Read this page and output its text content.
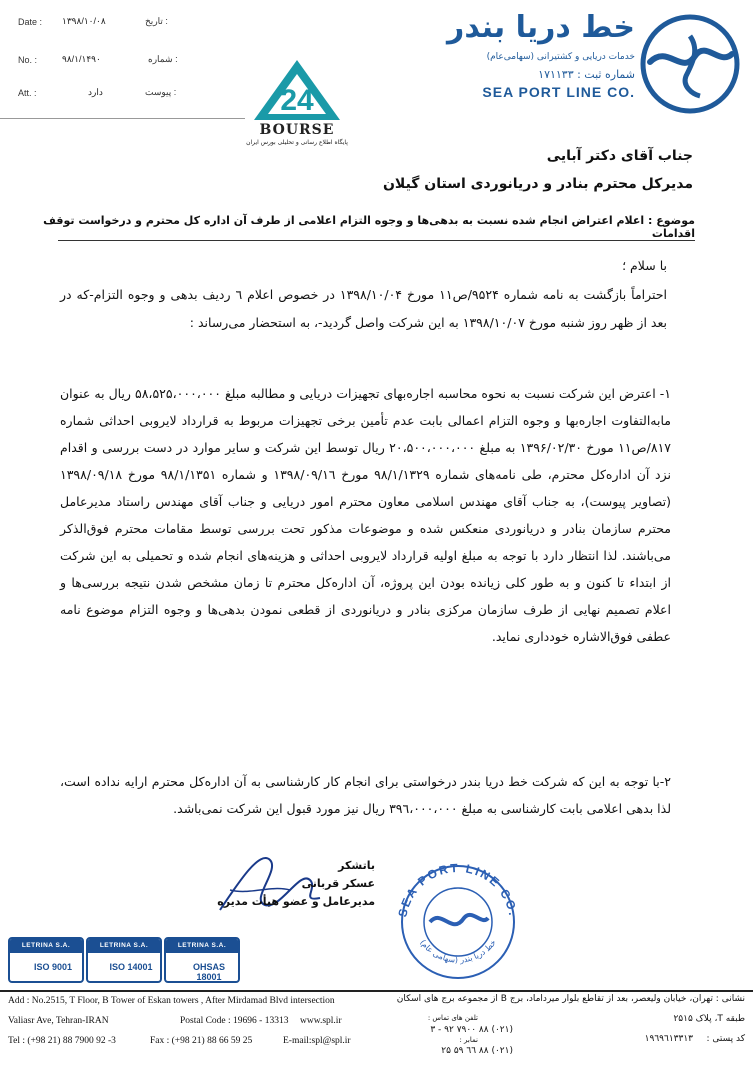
Date : ۱۳۹۸/۱۰/۰۸	تاریخ :
No. :	۹۸/۱/۱۴۹۰	شماره :
Att. :	دارد	پیوست :	24
BOURSE
پایگاه اطلاع رسانی و تحلیلی بورس ایران
خط دریا بندر
خدمات دریایی و کشتیرانی (سهامی‌عام)
شماره ثبت : ۱۷۱۱۳۳
SEA PORT LINE CO.
جناب آقای دکتر آبایی
مدیرکل محترم بنادر و دریانوردی استان گیلان
موضوع : اعلام اعتراض انجام شده نسبت به بدهی‌ها و وجوه التزام اعلامی از طرف آن اداره کل محترم و درخواست توقف اقدامات
با سلام ؛
احتراماً بازگشت به نامه شماره ۹۵۲۴/ص۱۱ مورخ ۱۳۹۸/۱۰/۰۴ در خصوص اعلام ٦ ردیف بدهی و وجوه التزام-که در بعد از ظهر روز شنبه مورخ ۱۳۹۸/۱۰/۰۷ به این شرکت واصل گردید-، به استحضار می‌رساند :
۱- اعترض این شرکت نسبت به نحوه محاسبه اجاره‌بهای تجهیزات دریایی و مطالبه مبلغ ۵۸،۵۲۵،۰۰۰،۰۰۰ ریال به عنوان مابه‌التفاوت اجاره‌بها و وجوه التزام اعمالی بابت عدم تأمین برخی تجهیزات مربوط به قرارداد لایروبی احداثی شماره ۸۱۷/ص۱۱ مورخ ۱۳۹۶/۰۲/۳۰ به مبلغ ۲۰،۵۰۰،۰۰۰،۰۰۰ ریال توسط این شرکت و سایر موارد در دست بررسی و اقدام نزد آن اداره‌کل محترم، طی نامه‌های شماره ۹۸/۱/۱۳۲۹ مورخ ۱۳۹۸/۰۹/۱٦ و شماره ۹۸/۱/۱۳۵۱ مورخ ۱۳۹۸/۰۹/۱۸ (تصاویر پیوست)، به جناب آقای مهندس اسلامی معاون محترم امور دریایی و جناب آقای مهندس راستاد مدیرعامل محترم سازمان بنادر و دریانوردی منعکس شده و موضوعات مذکور تحت بررسی توسط مقامات محترم فوق‌الذکر می‌باشند. لذا انتظار دارد با توجه به مبلغ اولیه قرارداد لایروبی احداثی و هزینه‌های انجام شده و تحمیلی به این شرکت از ابتداء تا کنون و به طور کلی زیانده بودن این پروژه، آن اداره‌کل محترم تا زمان مشخص شدن نتیجه بررسی‌ها و اعلام تصمیم نهایی از طرف سازمان مرکزی بنادر و دریانوردی از قطعی نمودن بدهی‌ها و وجوه التزام موضوع نامه عطفی فوق‌الاشاره خودداری نماید.
۲-با توجه به این که شرکت خط دریا بندر درخواستی برای انجام کار کارشناسی به آن اداره‌کل محترم ارایه نداده است، لذا بدهی اعلامی بابت کارشناسی به مبلغ ۳۹٦،۰۰۰،۰۰۰ ریال نیز مورد قبول این شرکت نمی‌باشد.
باتشکر
عسکر قربانی
مدیرعامل و عضو هیأت مدیره
SEA PORT LINE CO.
خط دریا بندر (سهامی عام)
LETRINA S.A.
ISO 9001
LETRINA S.A.
ISO 14001
LETRINA S.A.
OHSAS 18001
Add : No.2515, T Floor, B Tower of Eskan towers , After Mirdamad Blvd intersection
Valiasr Ave, Tehran-IRAN	Postal Code : 19696 - 13313 www.spl.ir
Tel : (+98 21) 88 7900 92 -3	Fax : (+98 21) 88 66 59 25	E-mail:spl@spl.ir
نشانی : تهران، خیابان ولیعصر، بعد از تقاطع بلوار میرداماد، برج B از مجموعه برج های اسکان
طبقه T، پلاک ۲۵۱۵
تلفن های تماس :
(۰۲۱) ۸۸ ۷۹۰۰ ۹۲ - ۳
کد پستی :
۱۹٦۹٦۱۳۳۱۳
نمابر :
(۰۲۱) ۸۸ ٦٦ ۵۹ ۲۵
